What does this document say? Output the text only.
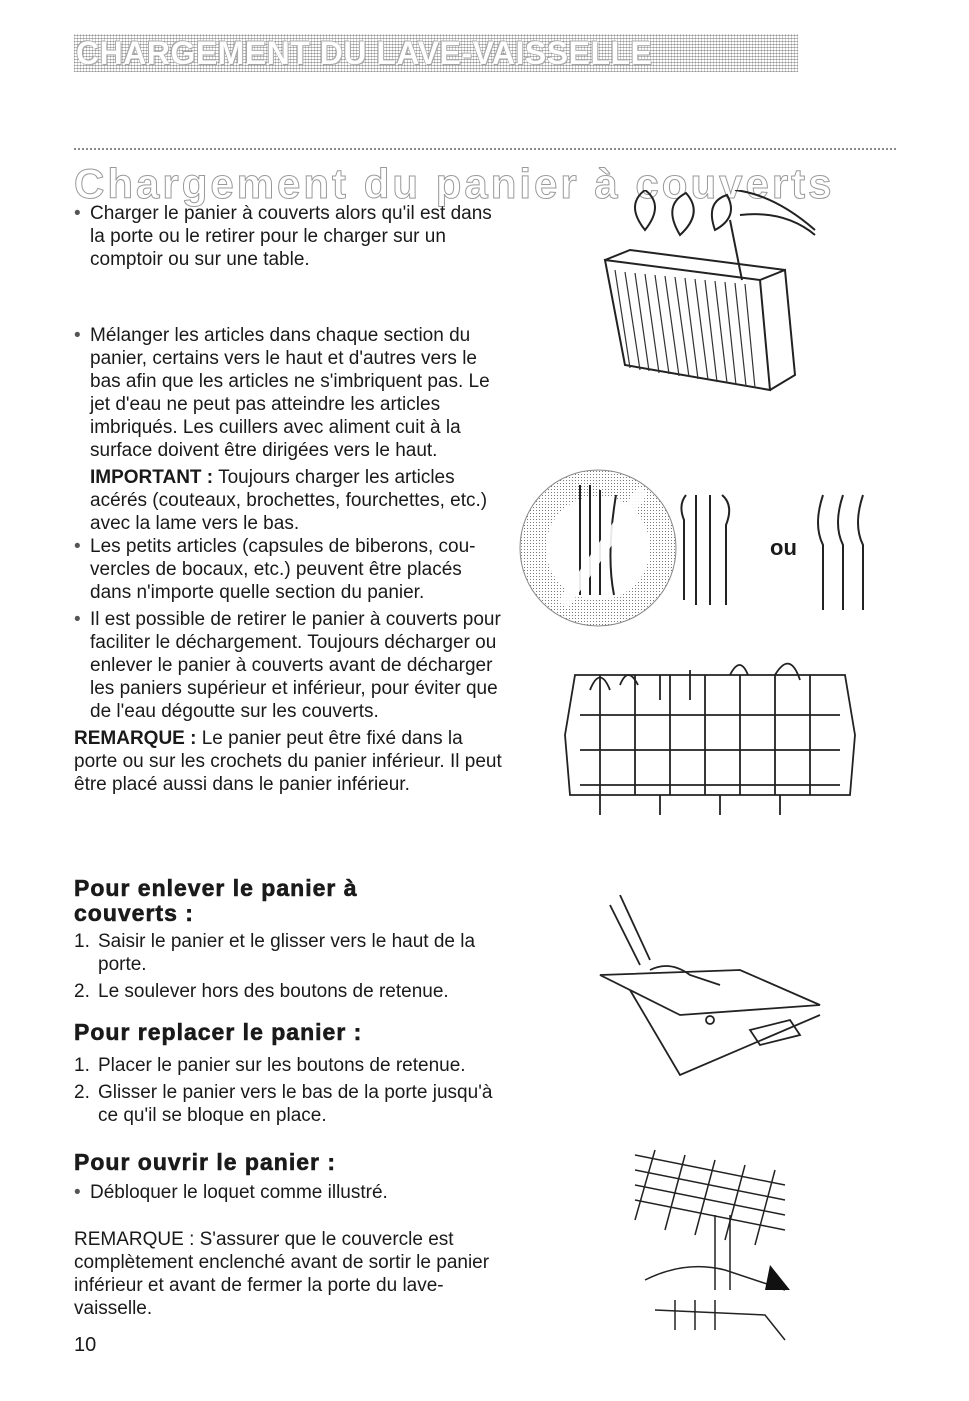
CHARGEMENT DU LAVE-VAISSELLE
Chargement du panier à couverts

• Charger le panier à couverts alors qu'il est dans la porte ou le retirer pour le charger sur un comptoir ou sur une table.

• Mélanger les articles dans chaque section du panier, certains vers le haut et d'autres vers le bas afin que les articles ne s'imbriquent pas. Le jet d'eau ne peut pas atteindre les articles imbriqués. Les cuillers avec aliment cuit à la surface doivent être dirigées vers le haut.

IMPORTANT : Toujours charger les articles acérés (couteaux, brochettes, fourchettes, etc.) avec la lame vers le bas.

• Les petits articles (capsules de biberons, cou-vercles de bocaux, etc.) peuvent être placés dans n'importe quelle section du panier.

• Il est possible de retirer le panier à couverts pour faciliter le déchargement. Toujours décharger ou enlever le panier à couverts avant de décharger les paniers supérieur et inférieur, pour éviter que de l'eau dégoutte sur les couverts.

REMARQUE : Le panier peut être fixé dans la porte ou sur les crochets du panier inférieur. Il peut être placé aussi dans le panier inférieur.

Pour enlever le panier à couverts :

1. Saisir le panier et le glisser vers le haut de la porte.

2. Le soulever hors des boutons de retenue.

Pour replacer le panier :

1. Placer le panier sur les boutons de retenue.

2. Glisser le panier vers le bas de la porte jusqu'à ce qu'il se bloque en place.

Pour ouvrir le panier :

• Débloquer le loquet comme illustré.

REMARQUE : S'assurer que le couvercle est complètement enclenché avant de sortir le panier inférieur et avant de fermer la porte du lave-vaisselle.

10
ou
